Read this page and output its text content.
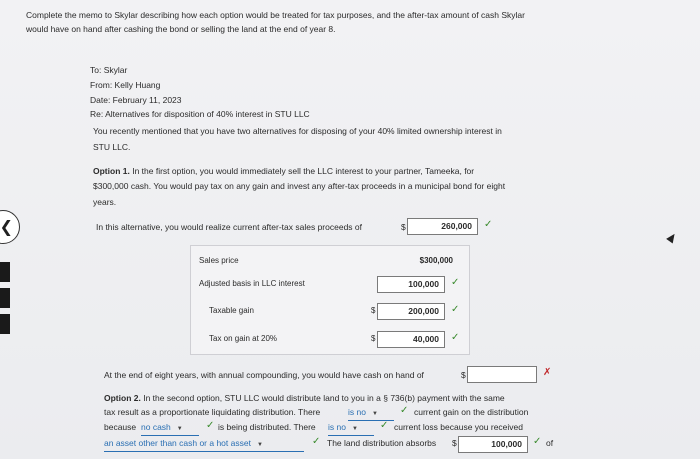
❮
Complete the memo to Skylar describing how each option would be treated for tax purposes, and the after-tax amount of cash Skylar
would have on hand after cashing the bond or selling the land at the end of year 8.
To: Skylar
From: Kelly Huang
Date: February 11, 2023
Re: Alternatives for disposition of 40% interest in STU LLC
You recently mentioned that you have two alternatives for disposing of your 40% limited ownership interest in
STU LLC.
Option 1. In the first option, you would immediately sell the LLC interest to your partner, Tameeka, for
$300,000 cash. You would pay tax on any gain and invest any after-tax proceeds in a municipal bond for eight
years.
In this alternative, you would realize current after-tax sales proceeds of	$	260,000	✓
Sales price	$300,000
Adjusted basis in LLC interest	100,000	✓
Taxable gain	$	200,000	✓
Tax on gain at 20%	$	40,000	✓
At the end of eight years, with annual compounding, you would have cash on hand of	$	✗
Option 2. In the second option, STU LLC would distribute land to you in a § 736(b) payment with the same
tax result as a proportionate liquidating distribution. There	is no ▼	✓ current gain on the distribution
because no cash ▼	✓ is being distributed. There is no ▼	✓ current loss because you received
an asset other than cash or a hot asset ▼	✓ The land distribution absorbs $	100,000	✓ of
